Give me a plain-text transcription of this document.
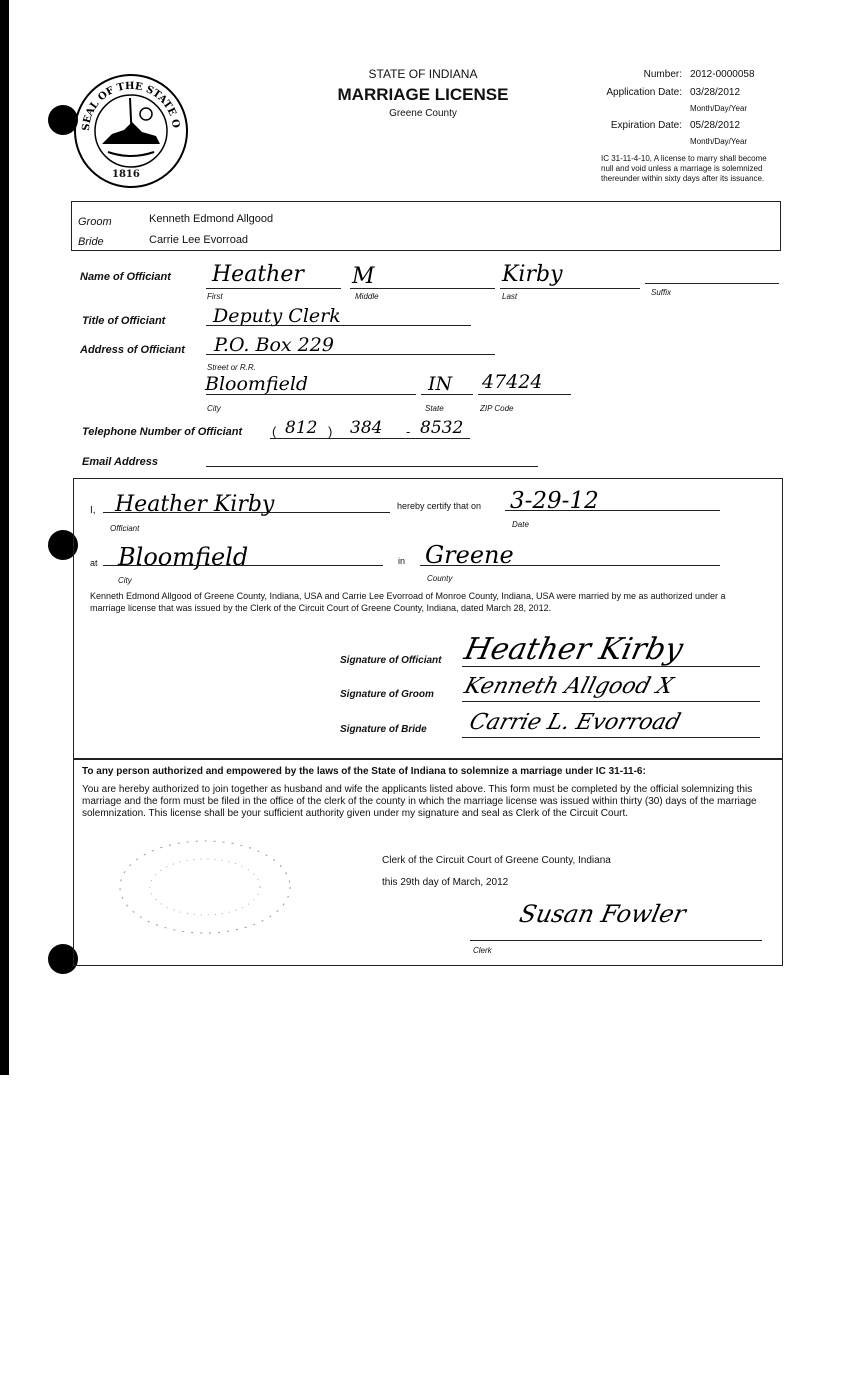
SEAL OF THE STATE O
1816
STATE OF INDIANA
MARRIAGE LICENSE
Greene County
Number: 2012-0000058
Application Date: 03/28/2012
Month/Day/Year
Expiration Date: 05/28/2012
Month/Day/Year
IC 31-11-4-10, A license to marry shall become null and void unless a marriage is solemnized thereunder within sixty days after its issuance.
Groom	Kenneth Edmond Allgood
Bride	Carrie Lee Evorroad
Name of Officiant Heather
First
M
Middle
Kirby
Last	Suffix
Title of Officiant	Deputy Clerk
Address of Officiant P.O. Box 229
Street or R.R.
Bloomfield
City
IN
State
47424
ZIP Code
Telephone Number of Officiant ( 812 ) 384 - 8532
Email Address
I, Heather Kirby
Officiant
hereby certify that on 3-29-12
Date
at Bloomfield
City
in Greene
County
Kenneth Edmond Allgood of Greene County, Indiana, USA and Carrie Lee Evorroad of Monroe County, Indiana, USA were married by me as authorized under a marriage license that was issued by the Clerk of the Circuit Court of Greene County, Indiana, dated March 28, 2012.
Signature of Officiant Heather Kirby
Signature of Groom Kenneth Allgood X
Signature of Bride Carrie L. Evorroad
To any person authorized and empowered by the laws of the State of Indiana to solemnize a marriage under IC 31-11-6:
You are hereby authorized to join together as husband and wife the applicants listed above. This form must be completed by the official solemnizing this marriage and the form must be filed in the office of the clerk of the county in which the marriage license was issued within thirty (30) days of the marriage solemnization. This license shall be your sufficient authority given under my signature and seal as Clerk of the Circuit Court.
Clerk of the Circuit Court of Greene County, Indiana
this 29th day of March, 2012
Susan Fowler
Clerk
